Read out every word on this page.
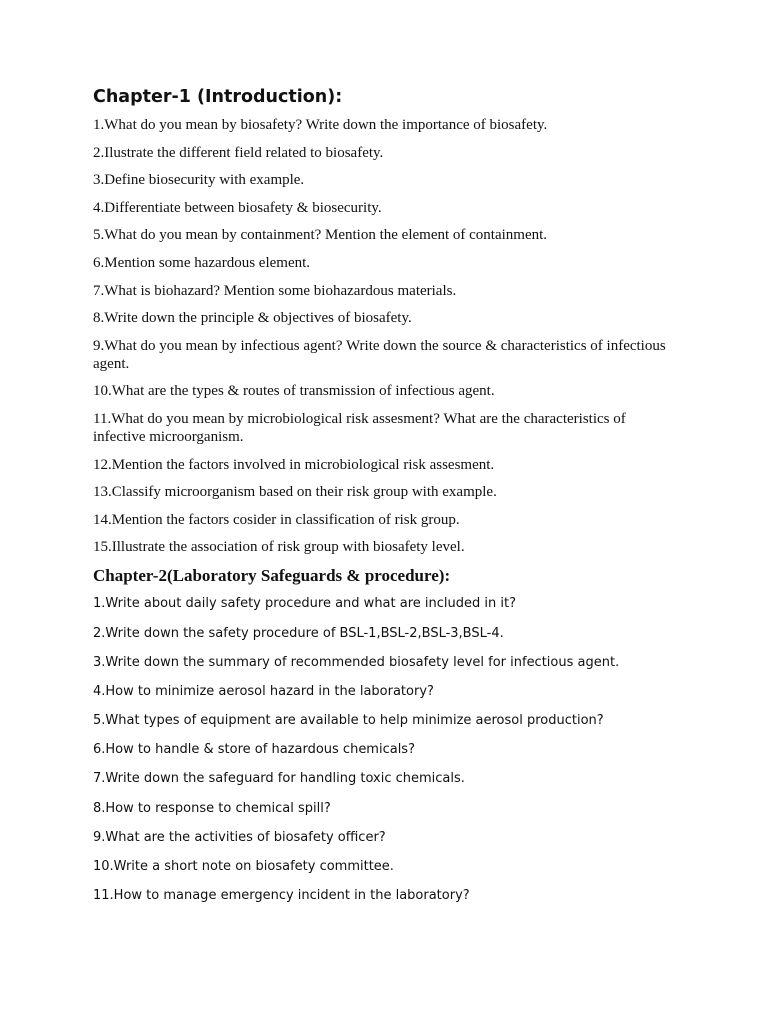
Chapter-1 (Introduction):
1.What do you mean by biosafety? Write down the importance of biosafety.
2.Ilustrate the different field related to biosafety.
3.Define biosecurity with example.
4.Differentiate between biosafety & biosecurity.
5.What do you mean by containment? Mention the element of containment.
6.Mention some hazardous element.
7.What is biohazard? Mention some biohazardous materials.
8.Write down the principle & objectives of biosafety.
9.What do you mean by infectious agent? Write down the source & characteristics of infectious agent.
10.What are the types & routes of transmission of infectious agent.
11.What do you mean by microbiological risk assesment? What are the characteristics of infective microorganism.
12.Mention the factors involved in microbiological risk assesment.
13.Classify microorganism based on their risk group with example.
14.Mention the factors cosider in classification of risk group.
15.Illustrate the association of risk group with biosafety level.
Chapter-2(Laboratory Safeguards & procedure):
1.Write about daily safety procedure and what are included in it?
2.Write down the safety procedure of BSL-1,BSL-2,BSL-3,BSL-4.
3.Write down the summary of recommended biosafety level for infectious agent.
4.How to minimize aerosol hazard in the laboratory?
5.What types of equipment are available to help minimize aerosol production?
6.How to handle & store of hazardous chemicals?
7.Write down the safeguard for handling toxic chemicals.
8.How to response to chemical spill?
9.What are the activities of biosafety officer?
10.Write a short note on biosafety committee.
11.How to manage emergency incident in the laboratory?
